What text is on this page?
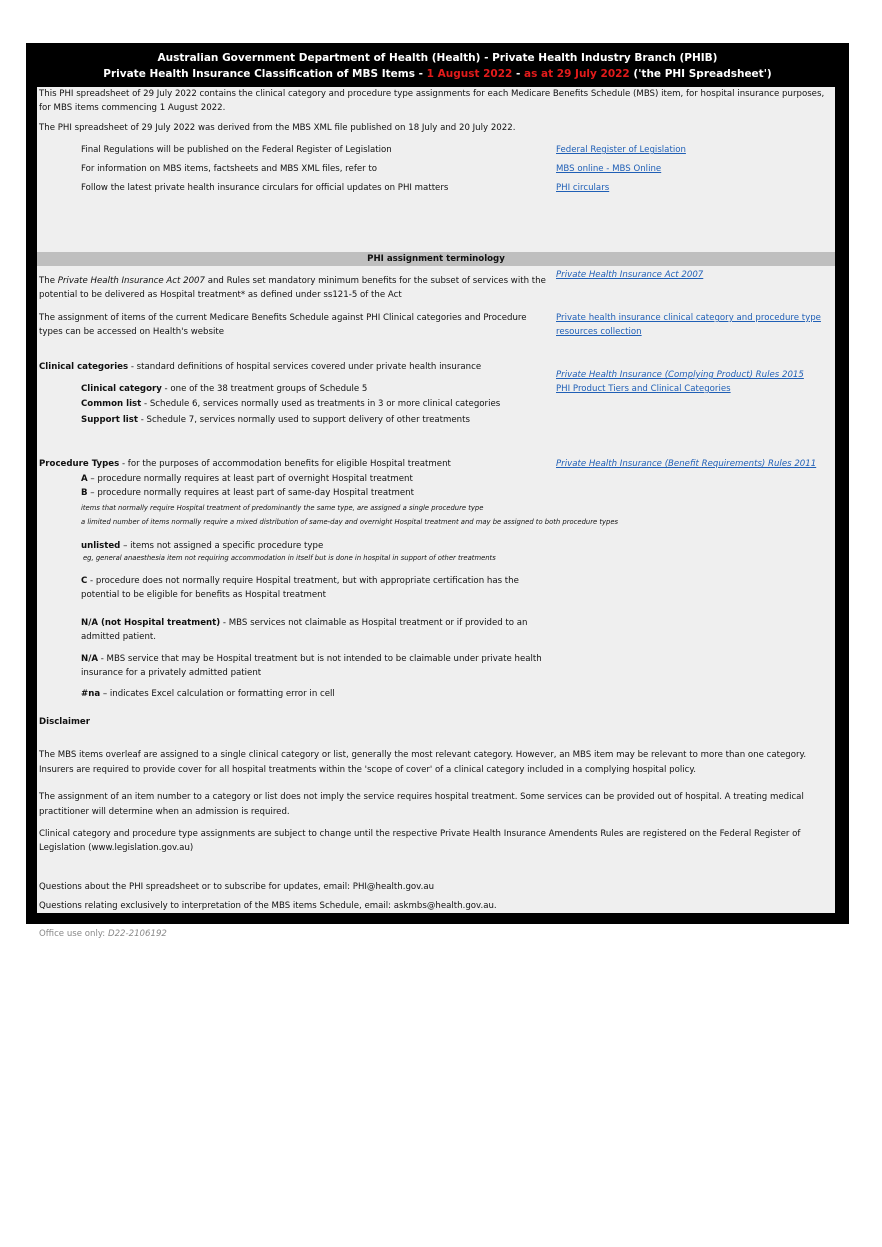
Australian Government Department of Health (Health) - Private Health Industry Branch (PHIB)
Private Health Insurance Classification of MBS Items - 1 August 2022 - as at 29 July 2022 ('the PHI Spreadsheet')
This PHI spreadsheet of 29 July 2022 contains the clinical category and procedure type assignments for each Medicare Benefits Schedule (MBS) item, for hospital insurance purposes,
for MBS items commencing 1 August 2022.
The PHI spreadsheet of 29 July 2022 was derived from the MBS XML file published on 18 July and 20 July 2022.
Final Regulations will be published on the Federal Register of Legislation	Federal Register of Legislation
For information on MBS items, factsheets and MBS XML files, refer to	MBS online - MBS Online
Follow the latest private health insurance circulars for official updates on PHI matters	PHI circulars
PHI assignment terminology
The Private Health Insurance Act 2007 and Rules set mandatory minimum benefits for the subset of services with the
potential to be delivered as Hospital treatment* as defined under ss121-5 of the Act
Private Health Insurance Act 2007
The assignment of items of the current Medicare Benefits Schedule against PHI Clinical categories and Procedure
types can be accessed on Health's website
Private health insurance clinical category and procedure type
resources collection
Clinical categories - standard definitions of hospital services covered under private health insurance
Private Health Insurance (Complying Product) Rules 2015
PHI Product Tiers and Clinical Categories
Clinical category - one of the 38 treatment groups of Schedule 5
Common list - Schedule 6, services normally used as treatments in 3 or more clinical categories
Support list - Schedule 7, services normally used to support delivery of other treatments
Procedure Types - for the purposes of accommodation benefits for eligible Hospital treatment	Private Health Insurance (Benefit Requirements) Rules 2011
A – procedure normally requires at least part of overnight Hospital treatment
B – procedure normally requires at least part of same-day Hospital treatment
items that normally require Hospital treatment of predominantly the same type, are assigned a single procedure type
a limited number of items normally require a mixed distribution of same-day and overnight Hospital treatment and may be assigned to both procedure types
unlisted – items not assigned a specific procedure type
eg, general anaesthesia item not requiring accommodation in itself but is done in hospital in support of other treatments
C - procedure does not normally require Hospital treatment, but with appropriate certification has the
potential to be eligible for benefits as Hospital treatment
N/A (not Hospital treatment) - MBS services not claimable as Hospital treatment or if provided to an
admitted patient.
N/A - MBS service that may be Hospital treatment but is not intended to be claimable under private health
insurance for a privately admitted patient
#na – indicates Excel calculation or formatting error in cell
Disclaimer
The MBS items overleaf are assigned to a single clinical category or list, generally the most relevant category. However, an MBS item may be relevant to more than one category.
Insurers are required to provide cover for all hospital treatments within the 'scope of cover' of a clinical category included in a complying hospital policy.
The assignment of an item number to a category or list does not imply the service requires hospital treatment. Some services can be provided out of hospital. A treating medical
practitioner will determine when an admission is required.
Clinical category and procedure type assignments are subject to change until the respective Private Health Insurance Amendents Rules are registered on the Federal Register of
Legislation (www.legislation.gov.au)
Questions about the PHI spreadsheet or to subscribe for updates, email: PHI@health.gov.au
Questions relating exclusively to interpretation of the MBS items Schedule, email: askmbs@health.gov.au.
Office use only: D22-2106192
